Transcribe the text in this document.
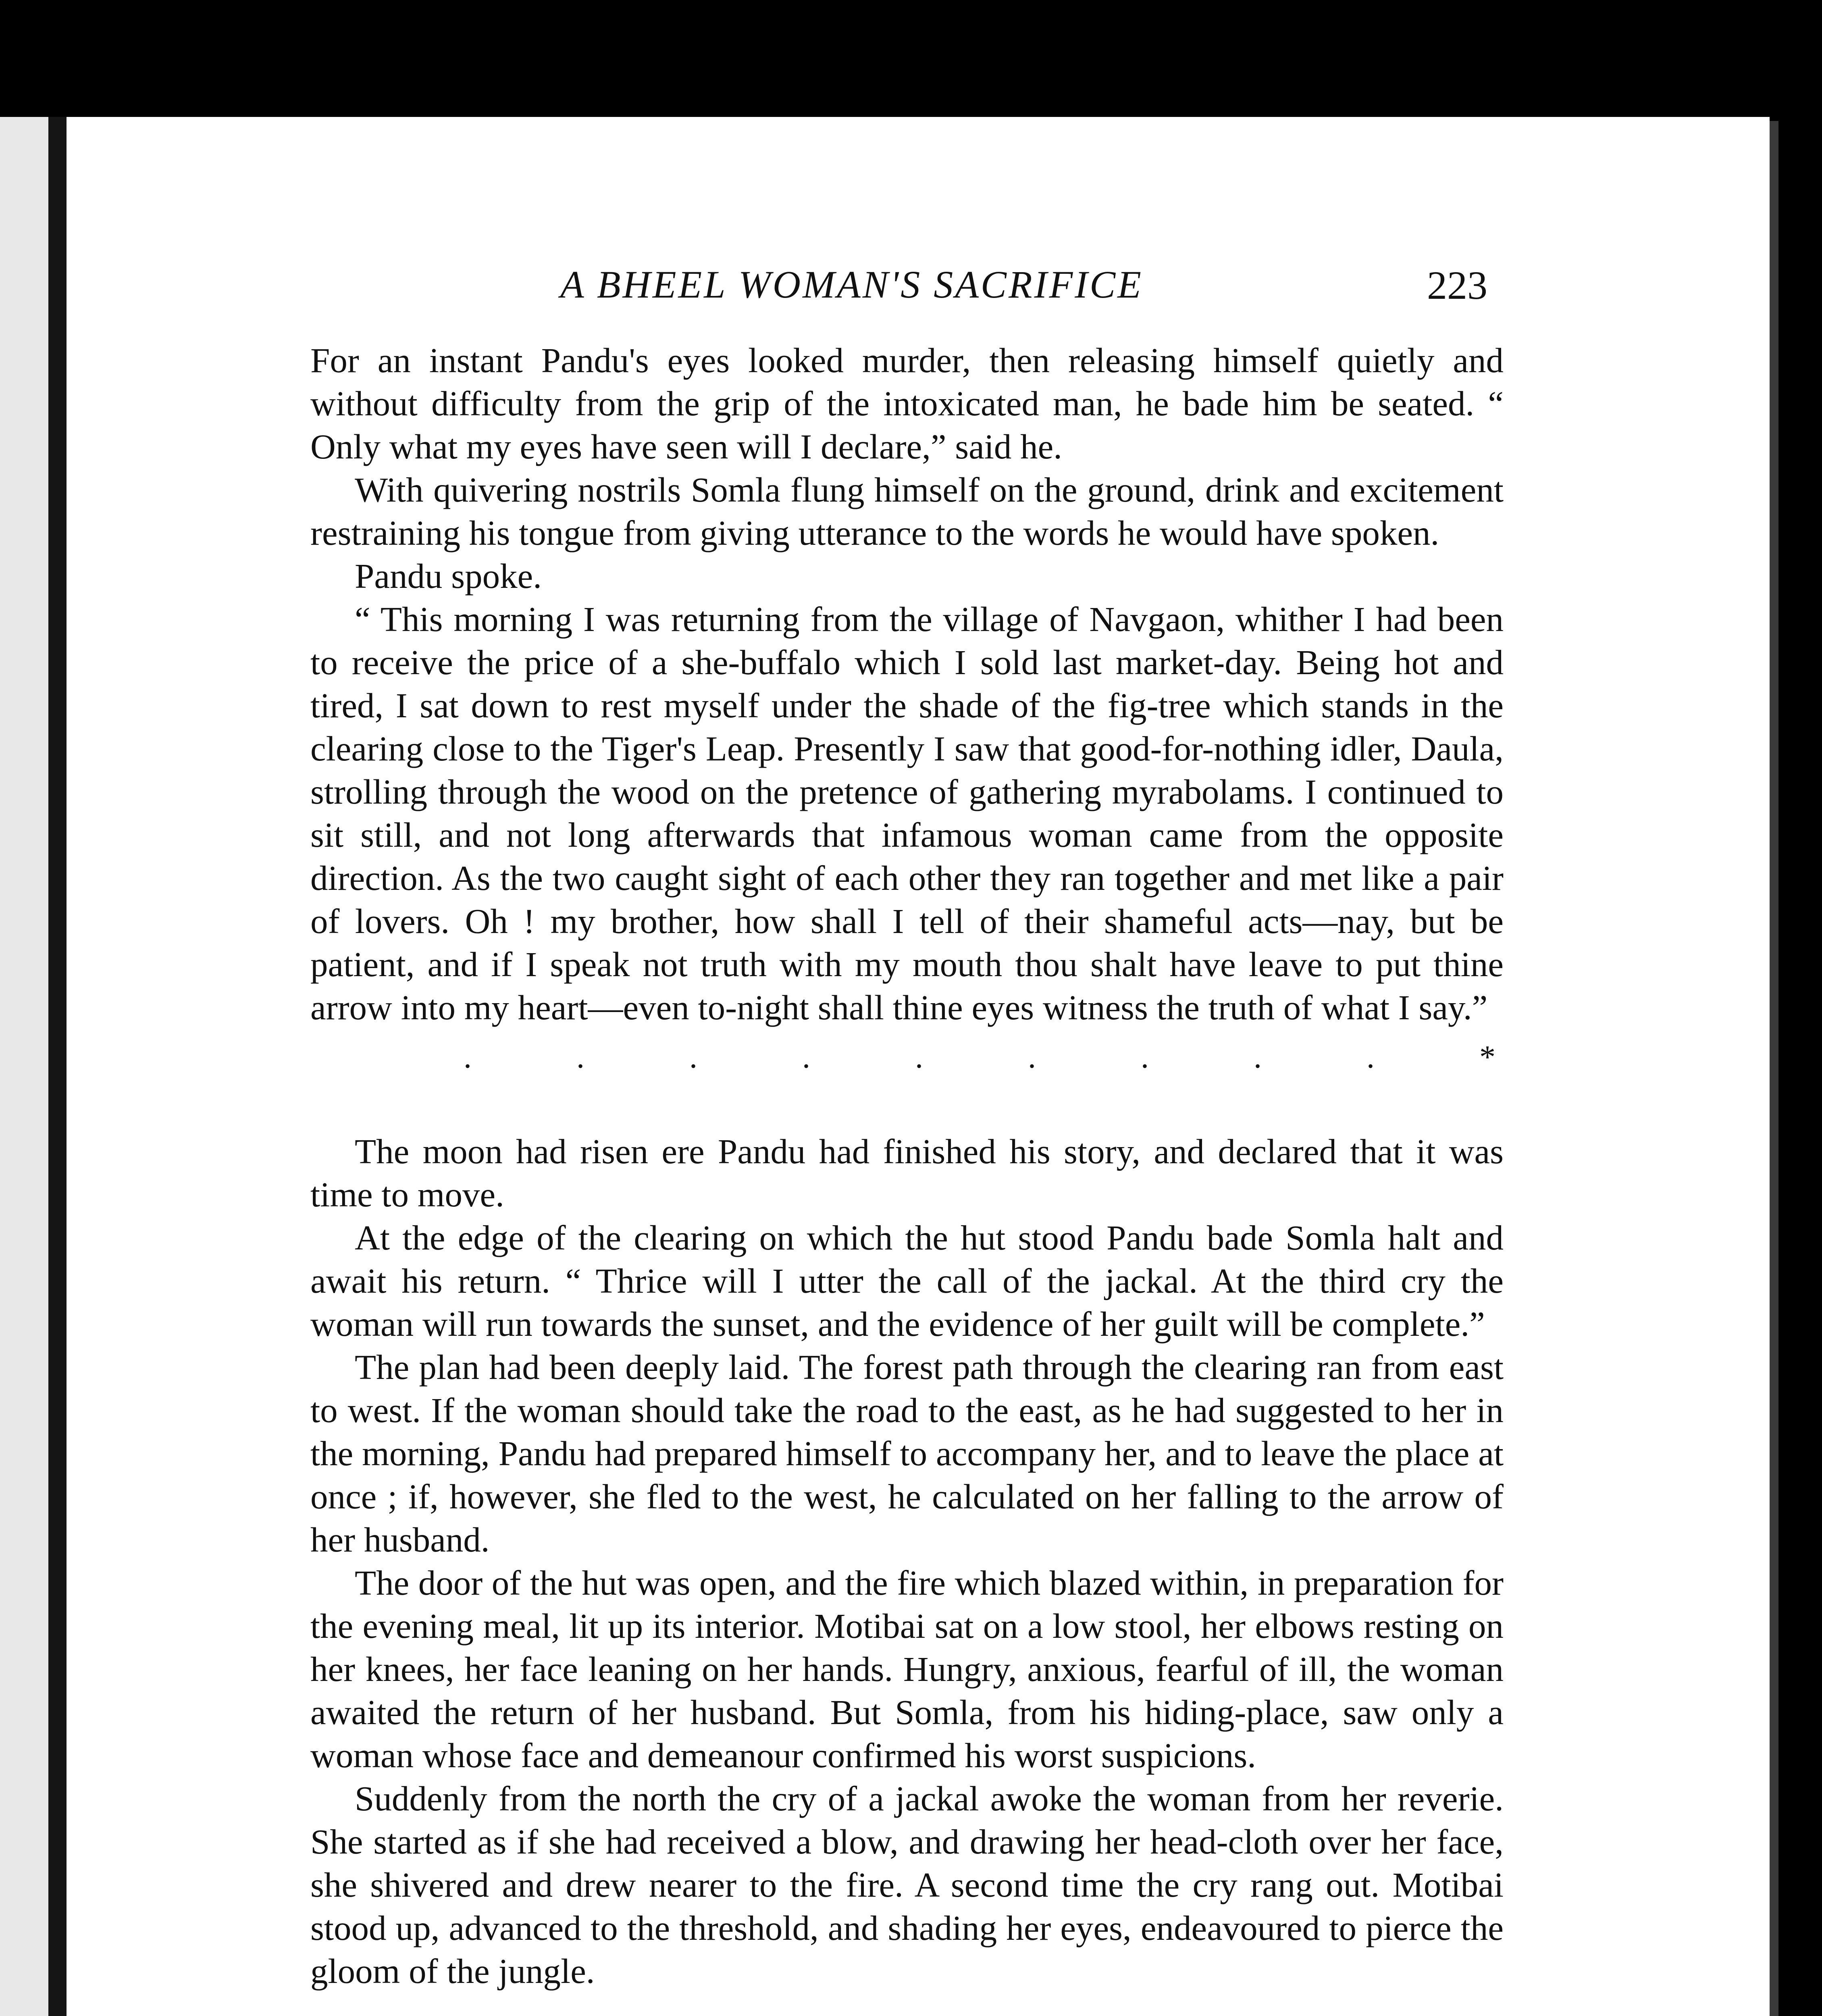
A BHEEL WOMAN'S SACRIFICE	223

For an instant Pandu's eyes looked murder, then releasing himself quietly and without difficulty from the grip of the intoxicated man, he bade him be seated. “ Only what my eyes have seen will I declare,” said he.

With quivering nostrils Somla flung himself on the ground, drink and excitement restraining his tongue from giving utterance to the words he would have spoken.

Pandu spoke.

“ This morning I was returning from the village of Navgaon, whither I had been to receive the price of a she-buffalo which I sold last market-day. Being hot and tired, I sat down to rest myself under the shade of the fig-tree which stands in the clearing close to the Tiger's Leap. Presently I saw that good-for-nothing idler, Daula, strolling through the wood on the pretence of gathering myrabolams. I continued to sit still, and not long afterwards that infamous woman came from the opposite direction. As the two caught sight of each other they ran together and met like a pair of lovers. Oh ! my brother, how shall I tell of their shameful acts—nay, but be patient, and if I speak not truth with my mouth thou shalt have leave to put thine arrow into my heart—even to-night shall thine eyes witness the truth of what I say.”

.	.	.	.	.	.	.	.	.	*

The moon had risen ere Pandu had finished his story, and declared that it was time to move.

At the edge of the clearing on which the hut stood Pandu bade Somla halt and await his return. “ Thrice will I utter the call of the jackal. At the third cry the woman will run towards the sunset, and the evidence of her guilt will be complete.”

The plan had been deeply laid. The forest path through the clearing ran from east to west. If the woman should take the road to the east, as he had suggested to her in the morning, Pandu had prepared himself to accompany her, and to leave the place at once ; if, however, she fled to the west, he calculated on her falling to the arrow of her husband.

The door of the hut was open, and the fire which blazed within, in preparation for the evening meal, lit up its interior. Motibai sat on a low stool, her elbows resting on her knees, her face leaning on her hands. Hungry, anxious, fearful of ill, the woman awaited the return of her husband. But Somla, from his hiding-place, saw only a woman whose face and demeanour confirmed his worst suspicions.

Suddenly from the north the cry of a jackal awoke the woman from her reverie. She started as if she had received a blow, and drawing her head-cloth over her face, she shivered and drew nearer to the fire. A second time the cry rang out. Motibai stood up, advanced to the threshold, and shading her eyes, endeavoured to pierce the gloom of the jungle.
